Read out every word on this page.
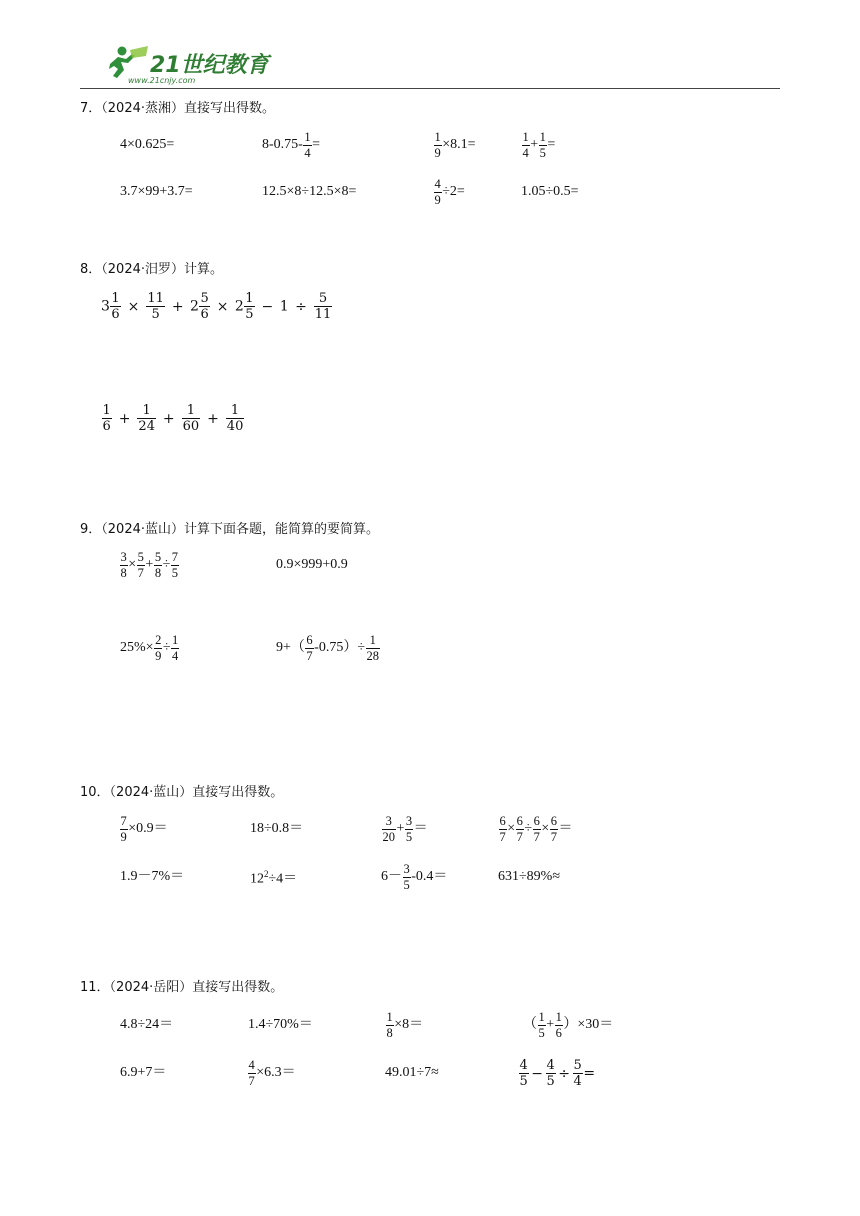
21世纪教育
www.21cnjy.com
7．（2024·蒸湘）直接写出得数。
4×0.625=	$8-0.75- \frac{1}{4}$ =	$\frac{1}{9} \times 8.1=$	$\frac{1}{4} + \frac{1}{5}$ =
3.7×99+3.7=	12.5×8÷12.5×8=	$\frac{4}{9} \div 2=$	1.05÷0.5=
8．（2024·汨罗）计算。
$3 \frac{1}{6} \times \frac{11}{5} + 2 \frac{5}{6} \times 2 \frac{1}{5} - 1 \div \frac{5}{11}$
$\frac{1}{6} + \frac{1}{24} + \frac{1}{60} + \frac{1}{40}$
9．（2024·蓝山）计算下面各题，能简算的要简算。
$\frac{3}{8} \times \frac{5}{7} + \frac{5}{8} \div \frac{7}{5}$	0.9×999+0.9
$25\%\times \frac{2}{9} \div \frac{1}{4}$	$9+( \frac{6}{7} -0.75)\div \frac{1}{28}$
10．（2024·蓝山）直接写出得数。
$\frac{7}{9} \times 0.9=$	18÷0.8＝	$\frac{3}{20} + \frac{3}{5}$ ＝	$\frac{6}{7} \times \frac{6}{7} \div \frac{6}{7} \times \frac{6}{7}$ ＝
1.9－7%＝	$12^2\div 4=$	$6- \frac{3}{5} -0.4=$	631÷89%≈
11．（2024·岳阳）直接写出得数。
4.8÷24＝	1.4÷70%＝	$\frac{1}{8} \times 8=$	（ $\frac{1}{5} + \frac{1}{6} )\times 30=$
6.9+7＝	$\frac{4}{7} \times 6.3=$	49.01÷7≈	$\frac{4}{5} - \frac{4}{5} \div \frac{5}{4}$ =
